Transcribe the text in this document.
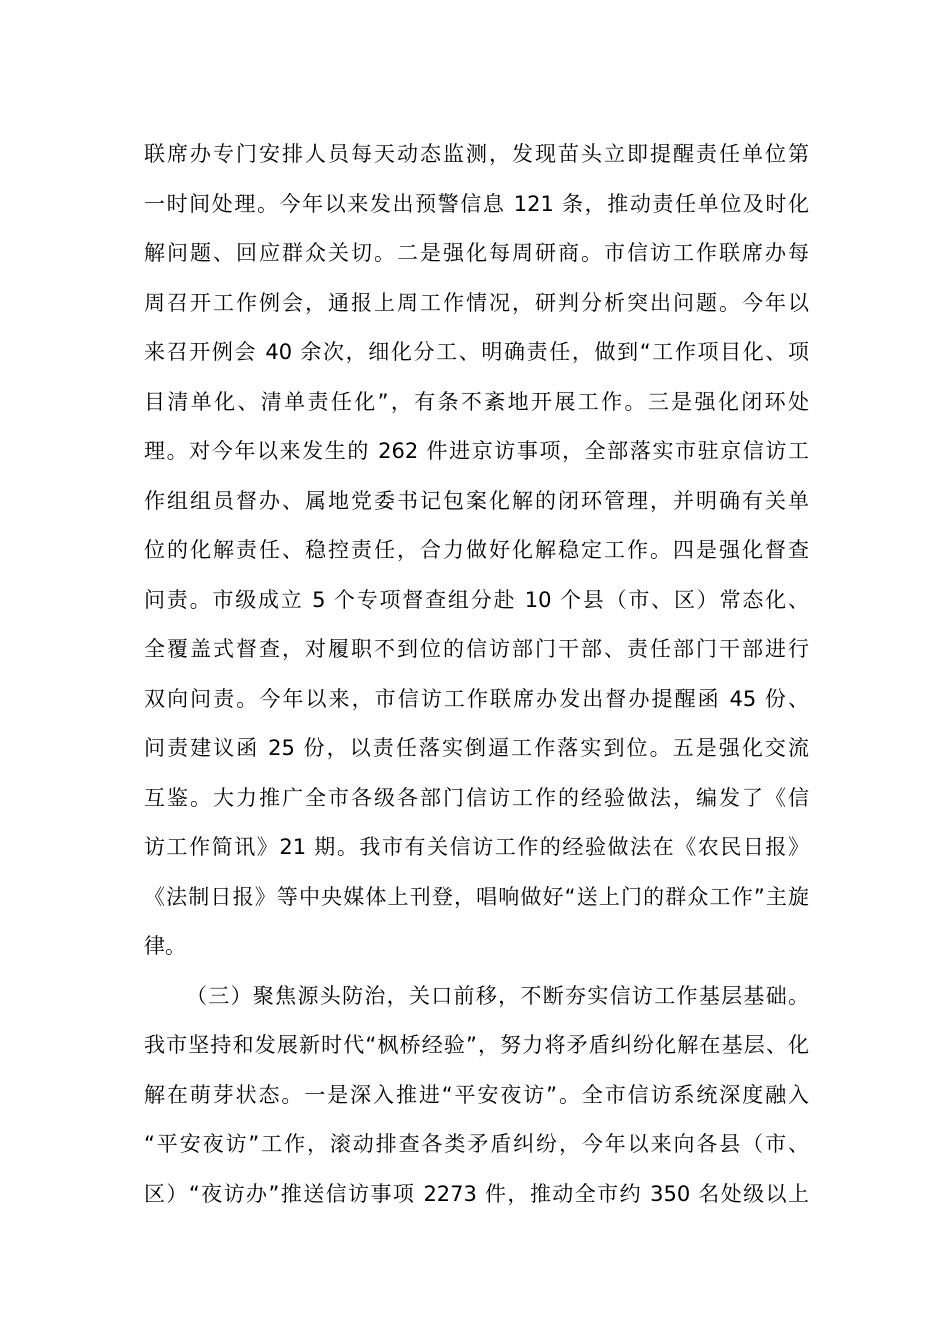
联席办专门安排人员每天动态监测，发现苗头立即提醒责任单位第
一时间处理。今年以来发出预警信息 121 条，推动责任单位及时化
解问题、回应群众关切。二是强化每周研商。市信访工作联席办每
周召开工作例会，通报上周工作情况，研判分析突出问题。今年以
来召开例会 40 余次，细化分工、明确责任，做到“工作项目化、项
目清单化、清单责任化”，有条不紊地开展工作。三是强化闭环处
理。对今年以来发生的 262 件进京访事项，全部落实市驻京信访工
作组组员督办、属地党委书记包案化解的闭环管理，并明确有关单
位的化解责任、稳控责任，合力做好化解稳定工作。四是强化督查
问责。市级成立 5 个专项督查组分赴 10 个县（市、区）常态化、
全覆盖式督查，对履职不到位的信访部门干部、责任部门干部进行
双向问责。今年以来，市信访工作联席办发出督办提醒函 45 份、
问责建议函 25 份，以责任落实倒逼工作落实到位。五是强化交流
互鉴。大力推广全市各级各部门信访工作的经验做法，编发了《信
访工作简讯》21 期。我市有关信访工作的经验做法在《农民日报》
《法制日报》等中央媒体上刊登，唱响做好“送上门的群众工作”主旋
律。
（三）聚焦源头防治，关口前移，不断夯实信访工作基层基础。
我市坚持和发展新时代“枫桥经验”，努力将矛盾纠纷化解在基层、化
解在萌芽状态。一是深入推进“平安夜访”。全市信访系统深度融入
“平安夜访”工作，滚动排查各类矛盾纠纷，今年以来向各县（市、
区）“夜访办”推送信访事项 2273 件，推动全市约 350 名处级以上
